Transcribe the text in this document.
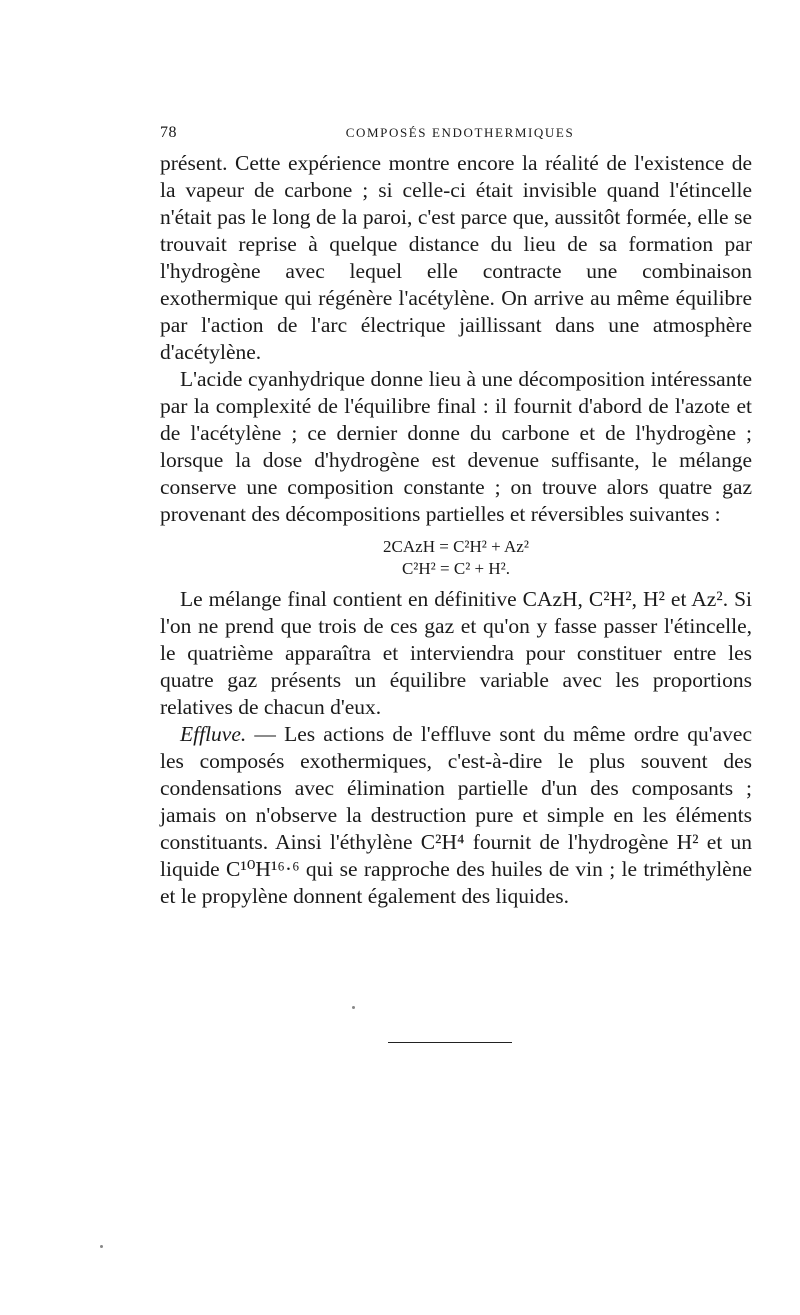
78	COMPOSÉS ENDOTHERMIQUES

présent. Cette expérience montre encore la réalité de l'existence de la vapeur de carbone ; si celle-ci était invisible quand l'étincelle n'était pas le long de la paroi, c'est parce que, aussitôt formée, elle se trouvait reprise à quelque distance du lieu de sa formation par l'hydrogène avec lequel elle contracte une combinaison exothermique qui régénère l'acétylène. On arrive au même équilibre par l'action de l'arc électrique jaillissant dans une atmosphère d'acétylène.

L'acide cyanhydrique donne lieu à une décomposition intéressante par la complexité de l'équilibre final : il fournit d'abord de l'azote et de l'acétylène ; ce dernier donne du carbone et de l'hydrogène ; lorsque la dose d'hydrogène est devenue suffisante, le mélange conserve une composition constante ; on trouve alors quatre gaz provenant des décompositions partielles et réversibles suivantes :

2CAzH = C²H² + Az²
C²H² = C² + H².

Le mélange final contient en définitive CAzH, C²H², H² et Az². Si l'on ne prend que trois de ces gaz et qu'on y fasse passer l'étincelle, le quatrième apparaîtra et interviendra pour constituer entre les quatre gaz présents un équilibre variable avec les proportions relatives de chacun d'eux.

Effluve. — Les actions de l'effluve sont du même ordre qu'avec les composés exothermiques, c'est-à-dire le plus souvent des condensations avec élimination partielle d'un des composants ; jamais on n'observe la destruction pure et simple en les éléments constituants. Ainsi l'éthylène C²H⁴ fournit de l'hydrogène H² et un liquide C¹⁰H¹⁶·⁶ qui se rapproche des huiles de vin ; le triméthylène et le propylène donnent également des liquides.
